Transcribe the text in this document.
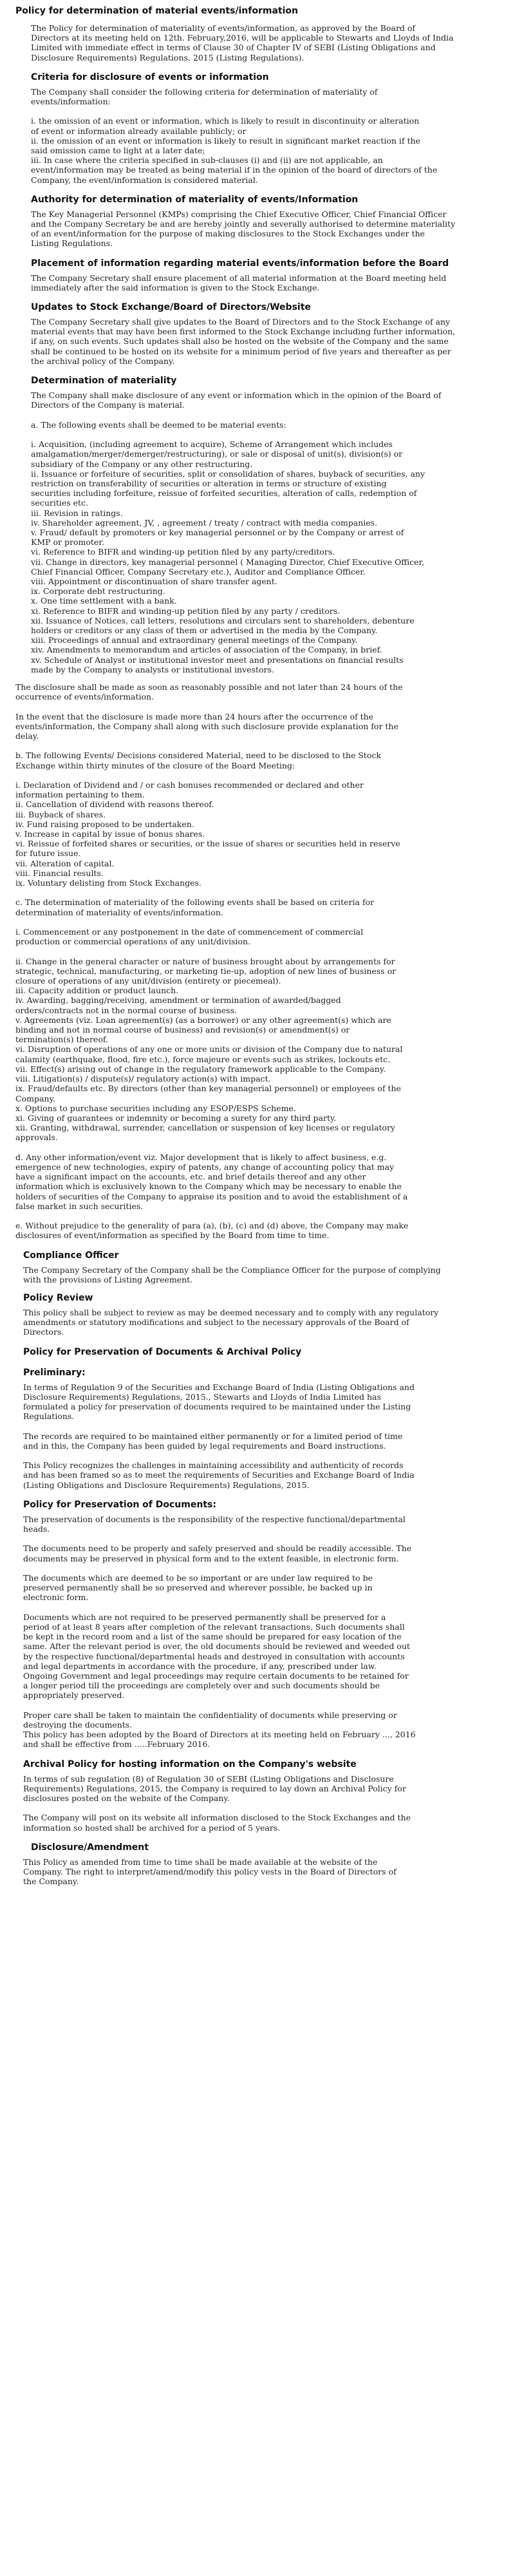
Policy for determination of material events/information

The Policy for determination of materiality of events/information, as approved by the Board of
Directors at its meeting held on 12th. February,2016, will be applicable to Stewarts and Lloyds of India
Limited with immediate effect in terms of Clause 30 of Chapter IV of SEBI (Listing Obligations and
Disclosure Requirements) Regulations, 2015 (Listing Regulations).

Criteria for disclosure of events or information

The Company shall consider the following criteria for determination of materiality of
events/information:

i. the omission of an event or information, which is likely to result in discontinuity or alteration
of event or information already available publicly; or
ii. the omission of an event or information is likely to result in significant market reaction if the
said omission came to light at a later date;
iii. In case where the criteria specified in sub-clauses (i) and (ii) are not applicable, an
event/information may be treated as being material if in the opinion of the board of directors of the
Company, the event/information is considered material.

Authority for determination of materiality of events/Information

The Key Managerial Personnel (KMPs) comprising the Chief Executive Officer, Chief Financial Officer
and the Company Secretary be and are hereby jointly and severally authorised to determine materiality
of an event/information for the purpose of making disclosures to the Stock Exchanges under the
Listing Regulations.

Placement of information regarding material events/information before the Board

The Company Secretary shall ensure placement of all material information at the Board meeting held
immediately after the said information is given to the Stock Exchange.

Updates to Stock Exchange/Board of Directors/Website

The Company Secretary shall give updates to the Board of Directors and to the Stock Exchange of any
material events that may have been first informed to the Stock Exchange including further information,
if any, on such events. Such updates shall also be hosted on the website of the Company and the same
shall be continued to be hosted on its website for a minimum period of five years and thereafter as per
the archival policy of the Company.

Determination of materiality

The Company shall make disclosure of any event or information which in the opinion of the Board of
Directors of the Company is material.

a. The following events shall be deemed to be material events:

i. Acquisition, (including agreement to acquire), Scheme of Arrangement which includes
amalgamation/merger/demerger/restructuring), or sale or disposal of unit(s), division(s) or
subsidiary of the Company or any other restructuring.
ii. Issuance or forfeiture of securities, split or consolidation of shares, buyback of securities, any
restriction on transferability of securities or alteration in terms or structure of existing
securities including forfeiture, reissue of forfeited securities, alteration of calls, redemption of
securities etc.
iii. Revision in ratings.
iv. Shareholder agreement, JV, , agreement / treaty / contract with media companies.
v. Fraud/ default by promoters or key managerial personnel or by the Company or arrest of
KMP or promoter.
vi. Reference to BIFR and winding-up petition filed by any party/creditors.
vii. Change in directors, key managerial personnel ( Managing Director, Chief Executive Officer,
Chief Financial Officer, Company Secretary etc.), Auditor and Compliance Officer.
viii. Appointment or discontinuation of share transfer agent.
ix. Corporate debt restructuring.
x. One time settlement with a bank.
xi. Reference to BIFR and winding-up petition filed by any party / creditors.
xii. Issuance of Notices, call letters, resolutions and circulars sent to shareholders, debenture
holders or creditors or any class of them or advertised in the media by the Company.
xiii. Proceedings of annual and extraordinary general meetings of the Company.
xiv. Amendments to memorandum and articles of association of the Company, in brief.
xv. Schedule of Analyst or institutional investor meet and presentations on financial results
made by the Company to analysts or institutional investors.

The disclosure shall be made as soon as reasonably possible and not later than 24 hours of the
occurrence of events/information.

In the event that the disclosure is made more than 24 hours after the occurrence of the
events/information, the Company shall along with such disclosure provide explanation for the
delay.

b. The following Events/ Decisions considered Material, need to be disclosed to the Stock
Exchange within thirty minutes of the closure of the Board Meeting:

i. Declaration of Dividend and / or cash bonuses recommended or declared and other
information pertaining to them.
ii. Cancellation of dividend with reasons thereof.
iii. Buyback of shares.
iv. Fund raising proposed to be undertaken.
v. Increase in capital by issue of bonus shares.
vi. Reissue of forfeited shares or securities, or the issue of shares or securities held in reserve
for future issue.
vii. Alteration of capital.
viii. Financial results.
ix. Voluntary delisting from Stock Exchanges.

c. The determination of materiality of the following events shall be based on criteria for
determination of materiality of events/information.

i. Commencement or any postponement in the date of commencement of commercial
production or commercial operations of any unit/division.

ii. Change in the general character or nature of business brought about by arrangements for
strategic, technical, manufacturing, or marketing tie-up, adoption of new lines of business or
closure of operations of any unit/division (entirety or piecemeal).
iii. Capacity addition or product launch.
iv. Awarding, bagging/receiving, amendment or termination of awarded/bagged
orders/contracts not in the normal course of business.
v. Agreements (viz. Loan agreement(s) (as a borrower) or any other agreement(s) which are
binding and not in normal course of business) and revision(s) or amendment(s) or
termination(s) thereof.
vi. Disruption of operations of any one or more units or division of the Company due to natural
calamity (earthquake, flood, fire etc.), force majeure or events such as strikes, lockouts etc.
vii. Effect(s) arising out of change in the regulatory framework applicable to the Company.
viii. Litigation(s) / dispute(s)/ regulatory action(s) with impact.
ix. Fraud/defaults etc. By directors (other than key managerial personnel) or employees of the
Company.
x. Options to purchase securities including any ESOP/ESPS Scheme.
xi. Giving of guarantees or indemnity or becoming a surety for any third party.
xii. Granting, withdrawal, surrender, cancellation or suspension of key licenses or regulatory
approvals.

d. Any other information/event viz. Major development that is likely to affect business, e.g.
emergence of new technologies, expiry of patents, any change of accounting policy that may
have a significant impact on the accounts, etc. and brief details thereof and any other
information which is exclusively known to the Company which may be necessary to enable the
holders of securities of the Company to appraise its position and to avoid the establishment of a
false market in such securities.

e. Without prejudice to the generality of para (a), (b), (c) and (d) above, the Company may make
disclosures of event/information as specified by the Board from time to time.

Compliance Officer

The Company Secretary of the Company shall be the Compliance Officer for the purpose of complying
with the provisions of Listing Agreement.

Policy Review

This policy shall be subject to review as may be deemed necessary and to comply with any regulatory
amendments or statutory modifications and subject to the necessary approvals of the Board of
Directors.

Policy for Preservation of Documents & Archival Policy
Preliminary:

In terms of Regulation 9 of the Securities and Exchange Board of India (Listing Obligations and
Disclosure Requirements) Regulations, 2015., Stewarts and Lloyds of India Limited has
formulated a policy for preservation of documents required to be maintained under the Listing
Regulations.

The records are required to be maintained either permanently or for a limited period of time
and in this, the Company has been guided by legal requirements and Board instructions.

This Policy recognizes the challenges in maintaining accessibility and authenticity of records
and has been framed so as to meet the requirements of Securities and Exchange Board of India
(Listing Obligations and Disclosure Requirements) Regulations, 2015.

Policy for Preservation of Documents:

The preservation of documents is the responsibility of the respective functional/departmental
heads.

The documents need to be properly and safely preserved and should be readily accessible. The
documents may be preserved in physical form and to the extent feasible, in electronic form.

The documents which are deemed to be so important or are under law required to be
preserved permanently shall be so preserved and wherever possible, be backed up in
electronic form.

Documents which are not required to be preserved permanently shall be preserved for a
period of at least 8 years after completion of the relevant transactions. Such documents shall
be kept in the record room and a list of the same should be prepared for easy location of the
same. After the relevant period is over, the old documents should be reviewed and weeded out
by the respective functional/departmental heads and destroyed in consultation with accounts
and legal departments in accordance with the procedure, if any, prescribed under law.
Ongoing Government and legal proceedings may require certain documents to be retained for
a longer period till the proceedings are completely over and such documents should be
appropriately preserved.

Proper care shall be taken to maintain the confidentiality of documents while preserving or
destroying the documents.
This policy has been adopted by the Board of Directors at its meeting held on February ..., 2016
and shall be effective from .....February 2016.

Archival Policy for hosting information on the Company's website

In terms of sub regulation (8) of Regulation 30 of SEBI (Listing Obligations and Disclosure
Requirements) Regulations, 2015, the Company is required to lay down an Archival Policy for
disclosures posted on the website of the Company.

The Company will post on its website all information disclosed to the Stock Exchanges and the
information so hosted shall be archived for a period of 5 years.

Disclosure/Amendment

This Policy as amended from time to time shall be made available at the website of the
Company. The right to interpret/amend/modify this policy vests in the Board of Directors of
the Company.
